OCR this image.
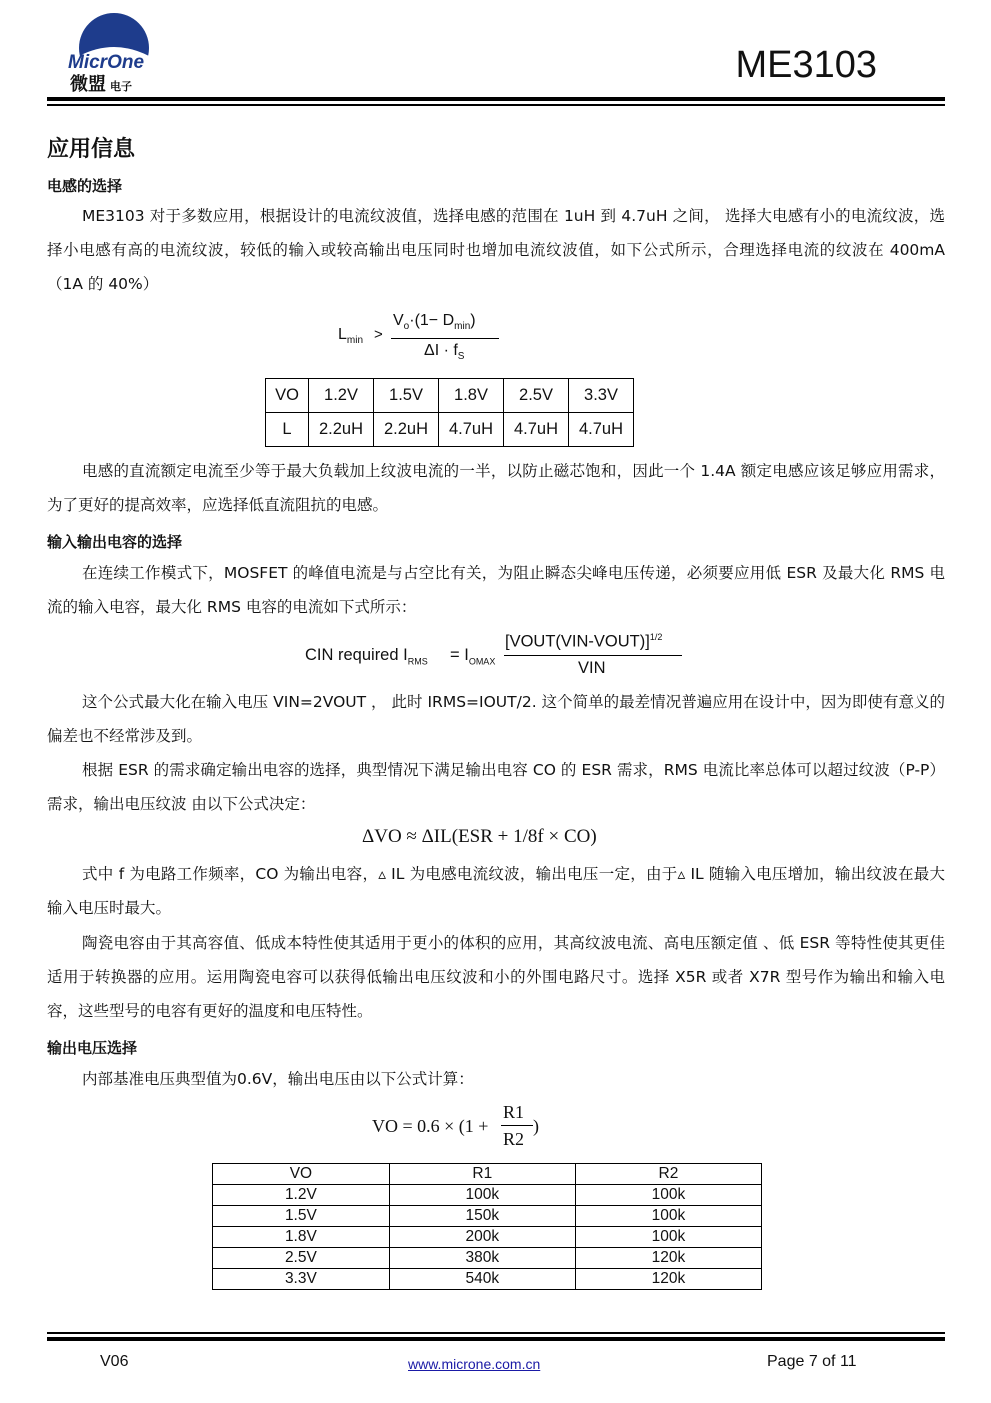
MicrOne
微盟 电子
ME3103
应用信息
电感的选择
ME3103 对于多数应用，根据设计的电流纹波值，选择电感的范围在 1uH 到 4.7uH 之间， 选择大电感有小的电流纹波，选择小电感有高的电流纹波，较低的输入或较高输出电压同时也增加电流纹波值，如下公式所示，合理选择电流的纹波在 400mA （1A 的 40%）
$L_{min}$ >
$V_o\cdot(1- D_{min})$
$\Delta I \cdot f_S$
VO	1.2V	1.5V	1.8V	2.5V	3.3V
L	2.2uH	2.2uH	4.7uH	4.7uH	4.7uH
电感的直流额定电流至少等于最大负载加上纹波电流的一半，以防止磁芯饱和，因此一个 1.4A 额定电感应该足够应用需求，为了更好的提高效率，应选择低直流阻抗的电感。
输入输出电容的选择
在连续工作模式下，MOSFET 的峰值电流是与占空比有关，为阻止瞬态尖峰电压传递，必须要应用低 ESR 及最大化 RMS 电流的输入电容，最大化 RMS 电容的电流如下式所示：
CIN required $I_{RMS} = I_{OMAX}$
[VOUT(VIN-VOUT)]$^{1/2}$
VIN
这个公式最大化在输入电压 VIN=2VOUT ， 此时 IRMS=IOUT/2. 这个简单的最差情况普遍应用在设计中，因为即使有意义的偏差也不经常涉及到。
根据 ESR 的需求确定输出电容的选择，典型情况下满足输出电容 CO 的 ESR 需求，RMS 电流比率总体可以超过纹波（P-P）需求，输出电压纹波 由以下公式决定：
ΔVO ≈ ΔIL(ESR + 1/8f × CO)
式中 f 为电路工作频率，CO 为输出电容，▵ IL 为电感电流纹波，输出电压一定，由于▵ IL 随输入电压增加，输出纹波在最大输入电压时最大。
陶瓷电容由于其高容值、低成本特性使其适用于更小的体积的应用，其高纹波电流、高电压额定值 、低 ESR 等特性使其更佳适用于转换器的应用。运用陶瓷电容可以获得低输出电压纹波和小的外围电路尺寸。选择 X5R 或者 X7R 型号作为输出和输入电容，这些型号的电容有更好的温度和电压特性。
输出电压选择
内部基准电压典型值为0.6V，输出电压由以下公式计算：
VO = 0.6 × (1 +
R1
R2
)
VO	R1	R2
1.2V	100k	100k
1.5V	150k	100k
1.8V	200k	100k
2.5V	380k	120k
3.3V	540k	120k
V06	www.microne.com.cn	Page 7 of 11
